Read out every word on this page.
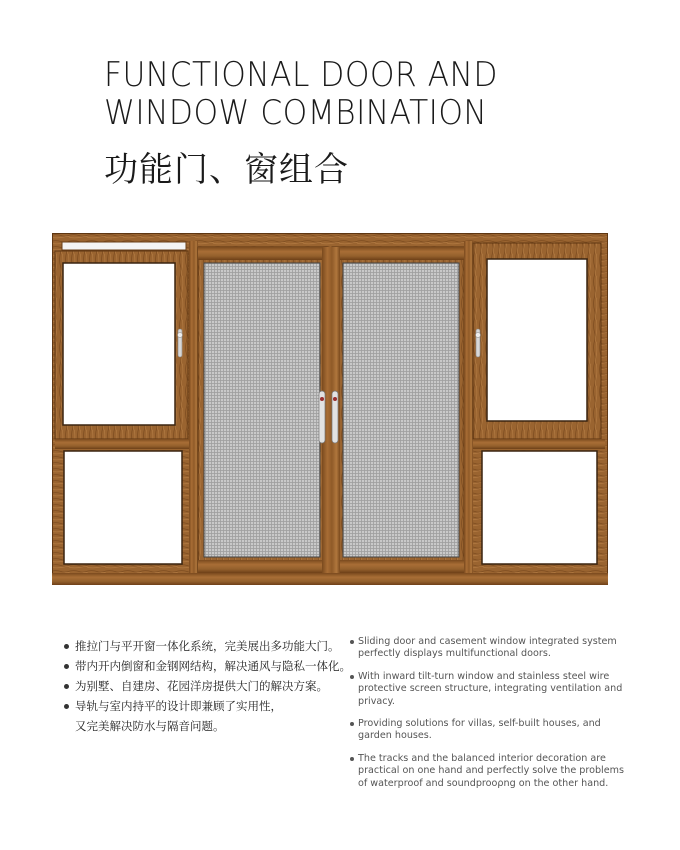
FUNCTIONAL DOOR AND
WINDOW COMBINATION
功能门、窗组合
推拉门与平开窗一体化系统，完美展出多功能大门。
带内开内倒窗和金钢网结构，解决通风与隐私一体化。
为别墅、自建房、花园洋房提供大门的解决方案。
导轨与室内持平的设计即兼顾了实用性，
又完美解决防水与隔音问题。
Sliding door and casement window integrated system perfectly displays multifunctional doors.
With inward tilt-turn window and stainless steel wire protective screen structure, integrating ventilation and privacy.
Providing solutions for villas, self-built houses, and garden houses.
The tracks and the balanced interior decoration are practical on one hand and perfectly solve the problems of waterproof and soundprooρng on the other hand.
